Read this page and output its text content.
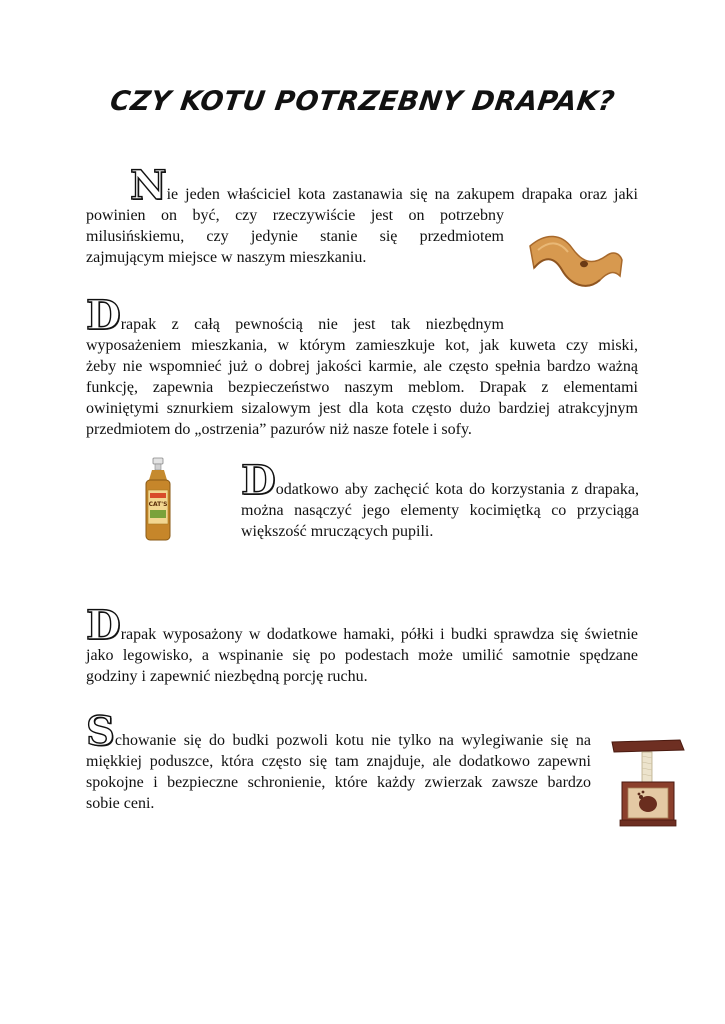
CZY KOTU POTRZEBNY DRAPAK?
Nie jeden właściciel kota zastanawia się na zakupem drapaka oraz jaki
powinien on być, czy rzeczywiście jest on potrzebny
milusińskiemu, czy jedynie stanie się przedmiotem
zajmującym miejsce w naszym mieszkaniu.
Drapak z całą pewnością nie jest tak niezbędnym
wyposażeniem mieszkania, w którym zamieszkuje kot, jak kuweta czy miski,
żeby nie wspomnieć już o dobrej jakości karmie, ale często spełnia bardzo ważną
funkcję, zapewnia bezpieczeństwo naszym meblom. Drapak z elementami
owiniętymi sznurkiem sizalowym jest dla kota często dużo bardziej atrakcyjnym
przedmiotem do „ostrzenia” pazurów niż nasze fotele i sofy.
Dodatkowo aby zachęcić kota do korzystania z drapaka,
można nasączyć jego elementy kocimiętką co przyciąga
większość mruczących pupili.
Drapak wyposażony w dodatkowe hamaki, półki i budki sprawdza się świetnie
jako legowisko, a wspinanie się po podestach może umilić samotnie spędzane
godziny i zapewnić niezbędną porcję ruchu.
Schowanie się do budki pozwoli kotu nie tylko na wylegiwanie się na
miękkiej poduszce, która często się tam znajduje, ale dodatkowo zapewni
spokojne i bezpieczne schronienie, które każdy zwierzak zawsze bardzo
sobie ceni.
CAT'S
